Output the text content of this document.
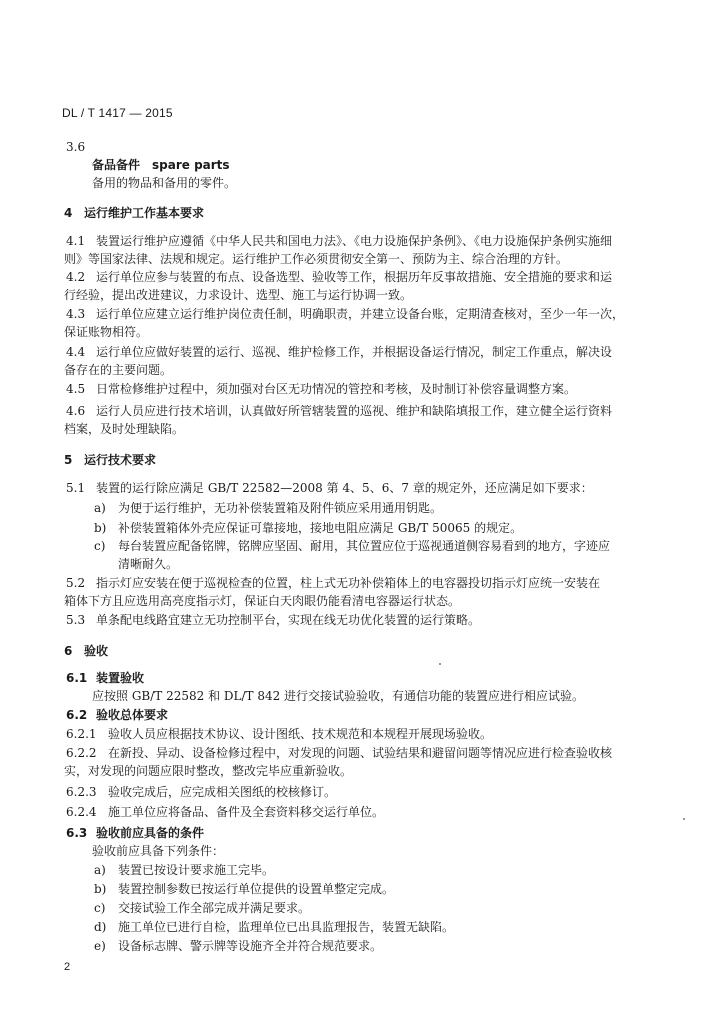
DL / T 1417 — 2015
3.6
备品备件　spare parts
备用的物品和备用的零件。
4 运行维护工作基本要求
4.1 装置运行维护应遵循《中华人民共和国电力法》、《电力设施保护条例》、《电力设施保护条例实施细
则》等国家法律、法规和规定。运行维护工作必须贯彻安全第一、预防为主、综合治理的方针。
4.2 运行单位应参与装置的布点、设备选型、验收等工作，根据历年反事故措施、安全措施的要求和运
行经验，提出改进建议，力求设计、选型、施工与运行协调一致。
4.3 运行单位应建立运行维护岗位责任制，明确职责，并建立设备台账，定期清查核对，至少一年一次，
保证账物相符。
4.4 运行单位应做好装置的运行、巡视、维护检修工作，并根据设备运行情况，制定工作重点，解决设
备存在的主要问题。
4.5 日常检修维护过程中，须加强对台区无功情况的管控和考核，及时制订补偿容量调整方案。
4.6 运行人员应进行技术培训，认真做好所管辖装置的巡视、维护和缺陷填报工作，建立健全运行资料
档案，及时处理缺陷。
5 运行技术要求
5.1 装置的运行除应满足 GB/T 22582—2008 第 4、5、6、7 章的规定外，还应满足如下要求：
a) 为便于运行维护，无功补偿装置箱及附件锁应采用通用钥匙。
b) 补偿装置箱体外壳应保证可靠接地，接地电阻应满足 GB/T 50065 的规定。
c) 每台装置应配备铭牌，铭牌应坚固、耐用，其位置应位于巡视通道侧容易看到的地方，字迹应
清晰耐久。
5.2 指示灯应安装在便于巡视检查的位置，柱上式无功补偿箱体上的电容器投切指示灯应统一安装在
箱体下方且应选用高亮度指示灯，保证白天肉眼仍能看清电容器运行状态。
5.3 单条配电线路宜建立无功控制平台，实现在线无功优化装置的运行策略。
6 验收
6.1 装置验收
应按照 GB/T 22582 和 DL/T 842 进行交接试验验收，有通信功能的装置应进行相应试验。
6.2 验收总体要求
6.2.1 验收人员应根据技术协议、设计图纸、技术规范和本规程开展现场验收。
6.2.2 在新投、异动、设备检修过程中，对发现的问题、试验结果和避留问题等情况应进行检查验收核
实，对发现的问题应限时整改，整改完毕应重新验收。
6.2.3 验收完成后，应完成相关图纸的校核修订。
6.2.4 施工单位应将备品、备件及全套资料移交运行单位。
6.3 验收前应具备的条件
验收前应具备下列条件：
a) 装置已按设计要求施工完毕。
b) 装置控制参数已按运行单位提供的设置单整定完成。
c) 交接试验工作全部完成并满足要求。
d) 施工单位已进行自检，监理单位已出具监理报告，装置无缺陷。
e) 设备标志牌、警示牌等设施齐全并符合规范要求。
2
